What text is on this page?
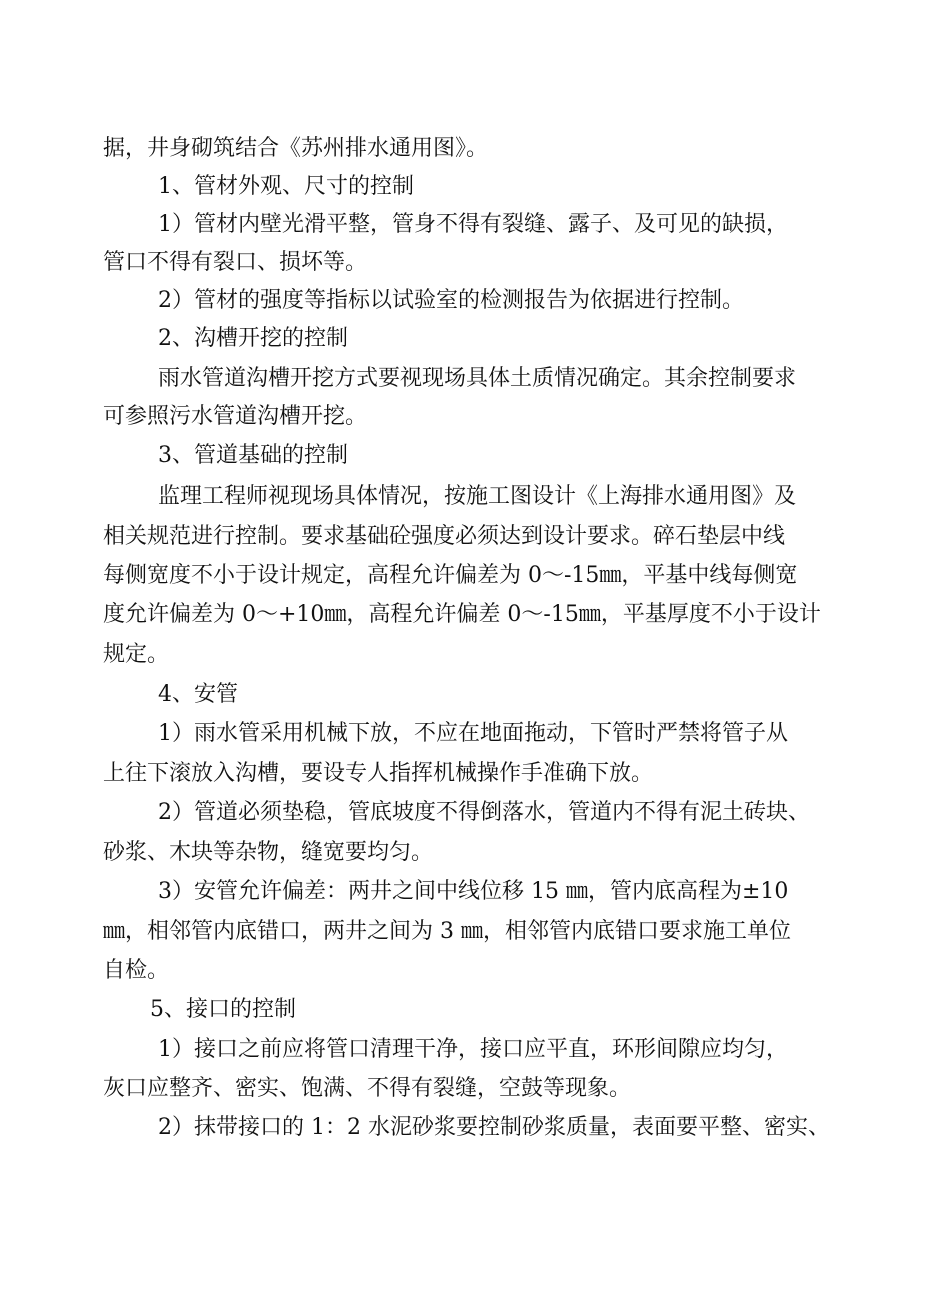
据，井身砌筑结合《苏州排水通用图》。
1、管材外观、尺寸的控制
1）管材内壁光滑平整，管身不得有裂缝、露子、及可见的缺损，
管口不得有裂口、损坏等。
2）管材的强度等指标以试验室的检测报告为依据进行控制。
2、沟槽开挖的控制
雨水管道沟槽开挖方式要视现场具体土质情况确定。其余控制要求
可参照污水管道沟槽开挖。
3、管道基础的控制
监理工程师视现场具体情况，按施工图设计《上海排水通用图》及
相关规范进行控制。要求基础砼强度必须达到设计要求。碎石垫层中线
每侧宽度不小于设计规定，高程允许偏差为 0～-15㎜，平基中线每侧宽
度允许偏差为 0～+10㎜，高程允许偏差 0～-15㎜，平基厚度不小于设计
规定。
4、安管
1）雨水管采用机械下放，不应在地面拖动，下管时严禁将管子从
上往下滚放入沟槽，要设专人指挥机械操作手准确下放。
2）管道必须垫稳，管底坡度不得倒落水，管道内不得有泥土砖块、
砂浆、木块等杂物，缝宽要均匀。
3）安管允许偏差：两井之间中线位移 15 ㎜，管内底高程为±10
㎜，相邻管内底错口，两井之间为 3 ㎜，相邻管内底错口要求施工单位
自检。
5、接口的控制
1）接口之前应将管口清理干净，接口应平直，环形间隙应均匀，
灰口应整齐、密实、饱满、不得有裂缝，空鼓等现象。
2）抹带接口的 1：2 水泥砂浆要控制砂浆质量，表面要平整、密实、
